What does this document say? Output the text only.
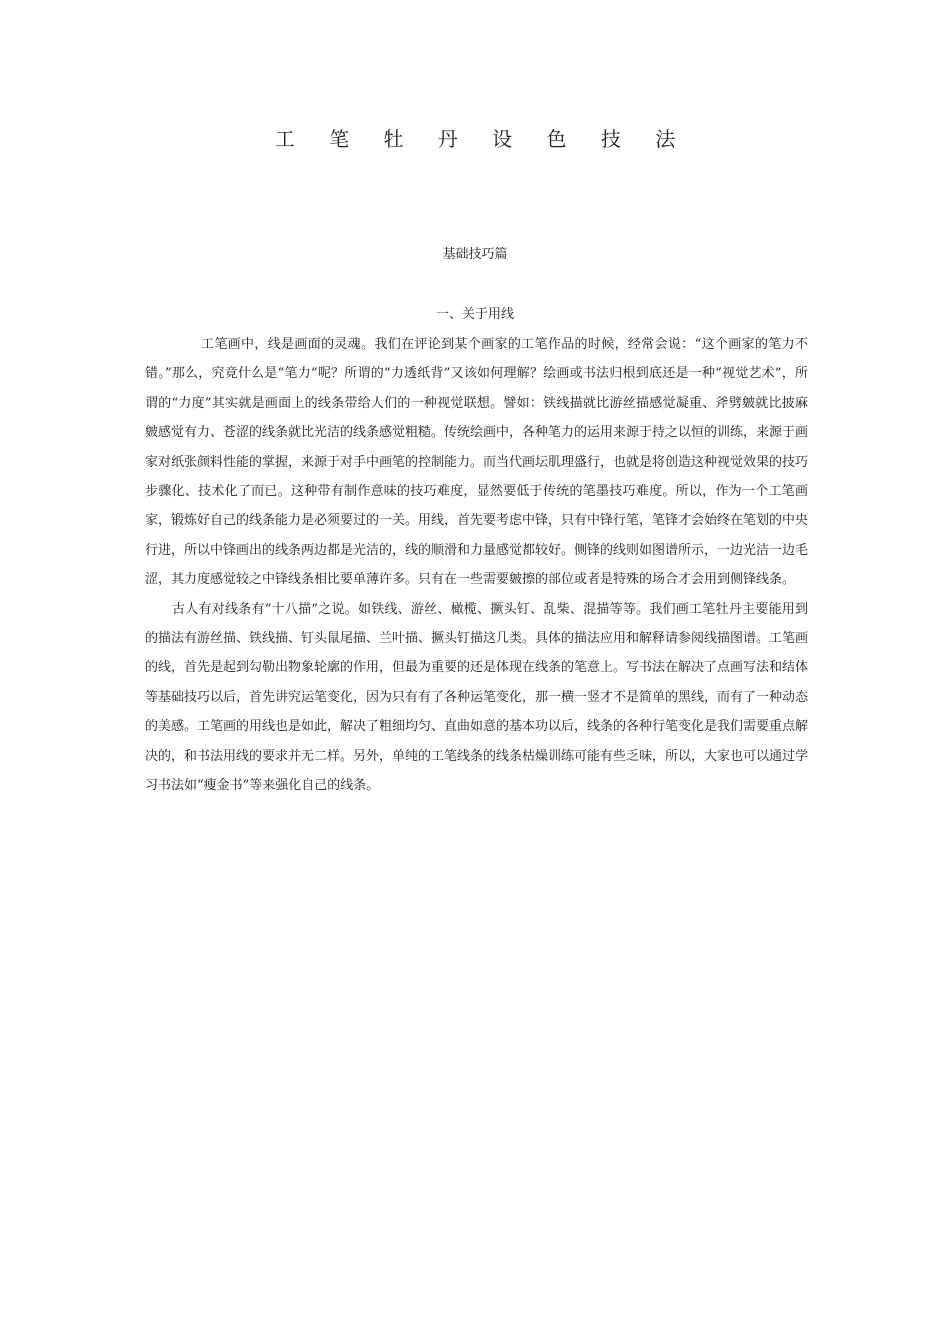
工 笔 牡 丹 设 色 技 法
基础技巧篇
一、关于用线

工笔画中，线是画面的灵魂。我们在评论到某个画家的工笔作品的时候，经常会说：“这个画家的笔力不错。”那么，究竟什么是“笔力”呢？所谓的“力透纸背”又该如何理解？绘画或书法归根到底还是一种“视觉艺术”，所谓的“力度”其实就是画面上的线条带给人们的一种视觉联想。譬如：铁线描就比游丝描感觉凝重、斧劈皴就比披麻皴感觉有力、苍涩的线条就比光洁的线条感觉粗糙。传统绘画中，各种笔力的运用来源于持之以恒的训练，来源于画家对纸张颜料性能的掌握，来源于对手中画笔的控制能力。而当代画坛肌理盛行，也就是将创造这种视觉效果的技巧步骤化、技术化了而已。这种带有制作意味的技巧难度，显然要低于传统的笔墨技巧难度。所以，作为一个工笔画家，锻炼好自己的线条能力是必须要过的一关。用线，首先要考虑中锋，只有中锋行笔，笔锋才会始终在笔划的中央行进，所以中锋画出的线条两边都是光洁的，线的顺滑和力量感觉都较好。侧锋的线则如图谱所示，一边光洁一边毛涩，其力度感觉较之中锋线条相比要单薄许多。只有在一些需要皴擦的部位或者是特殊的场合才会用到侧锋线条。

古人有对线条有“十八描”之说。如铁线、游丝、橄榄、撅头钉、乱柴、混描等等。我们画工笔牡丹主要能用到的描法有游丝描、铁线描、钉头鼠尾描、兰叶描、撅头钉描这几类。具体的描法应用和解释请参阅线描图谱。工笔画的线，首先是起到勾勒出物象轮廓的作用，但最为重要的还是体现在线条的笔意上。写书法在解决了点画写法和结体等基础技巧以后，首先讲究运笔变化，因为只有有了各种运笔变化，那一横一竖才不是简单的黑线，而有了一种动态的美感。工笔画的用线也是如此，解决了粗细均匀、直曲如意的基本功以后，线条的各种行笔变化是我们需要重点解决的，和书法用线的要求并无二样。另外，单纯的工笔线条的线条枯燥训练可能有些乏味，所以，大家也可以通过学习书法如“瘦金书”等来强化自己的线条。
